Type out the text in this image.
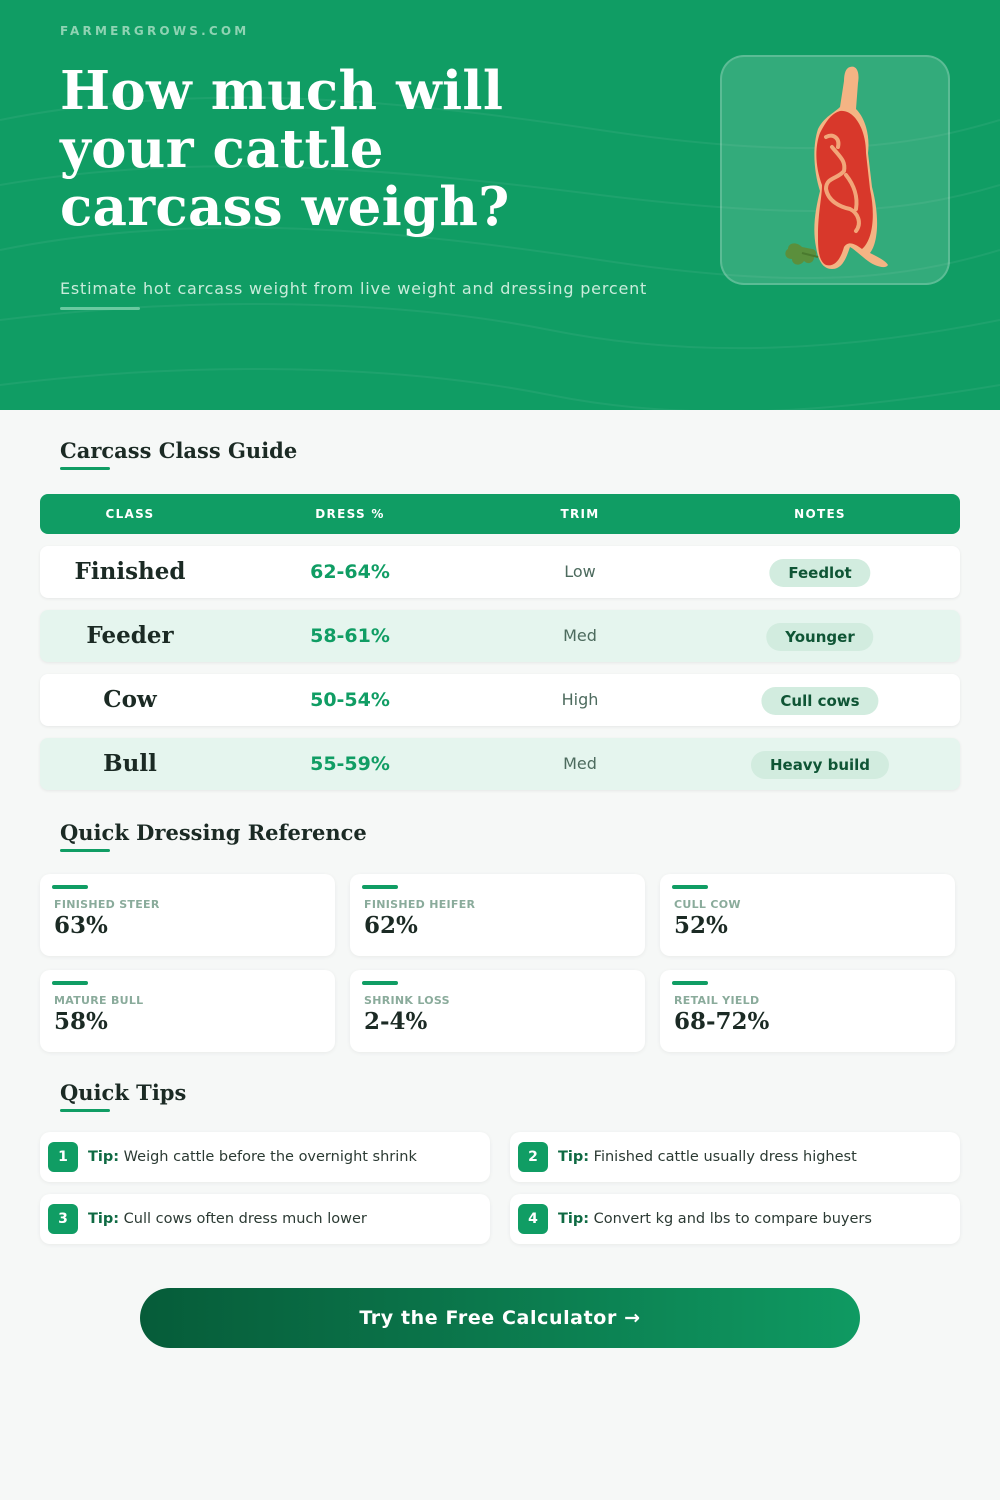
FARMERGROWS.COM
How much will your cattle carcass weigh?

Estimate hot carcass weight from live weight and dressing percent

Carcass Class Guide
CLASS	DRESS %	TRIM	NOTES
Finished	62-64%	Low	Feedlot
Feeder	58-61%	Med	Younger
Cow	50-54%	High	Cull cows
Bull	55-59%	Med	Heavy build
Quick Dressing Reference
FINISHED STEER
63%
FINISHED HEIFER
62%
CULL COW
52%
MATURE BULL
58%
SHRINK LOSS
2-4%
RETAIL YIELD
68-72%
Quick Tips
1	Tip: Weigh cattle before the overnight shrink	2	Tip: Finished cattle usually dress highest
3	Tip: Cull cows often dress much lower	4	Tip: Convert kg and lbs to compare buyers
Try the Free Calculator →
